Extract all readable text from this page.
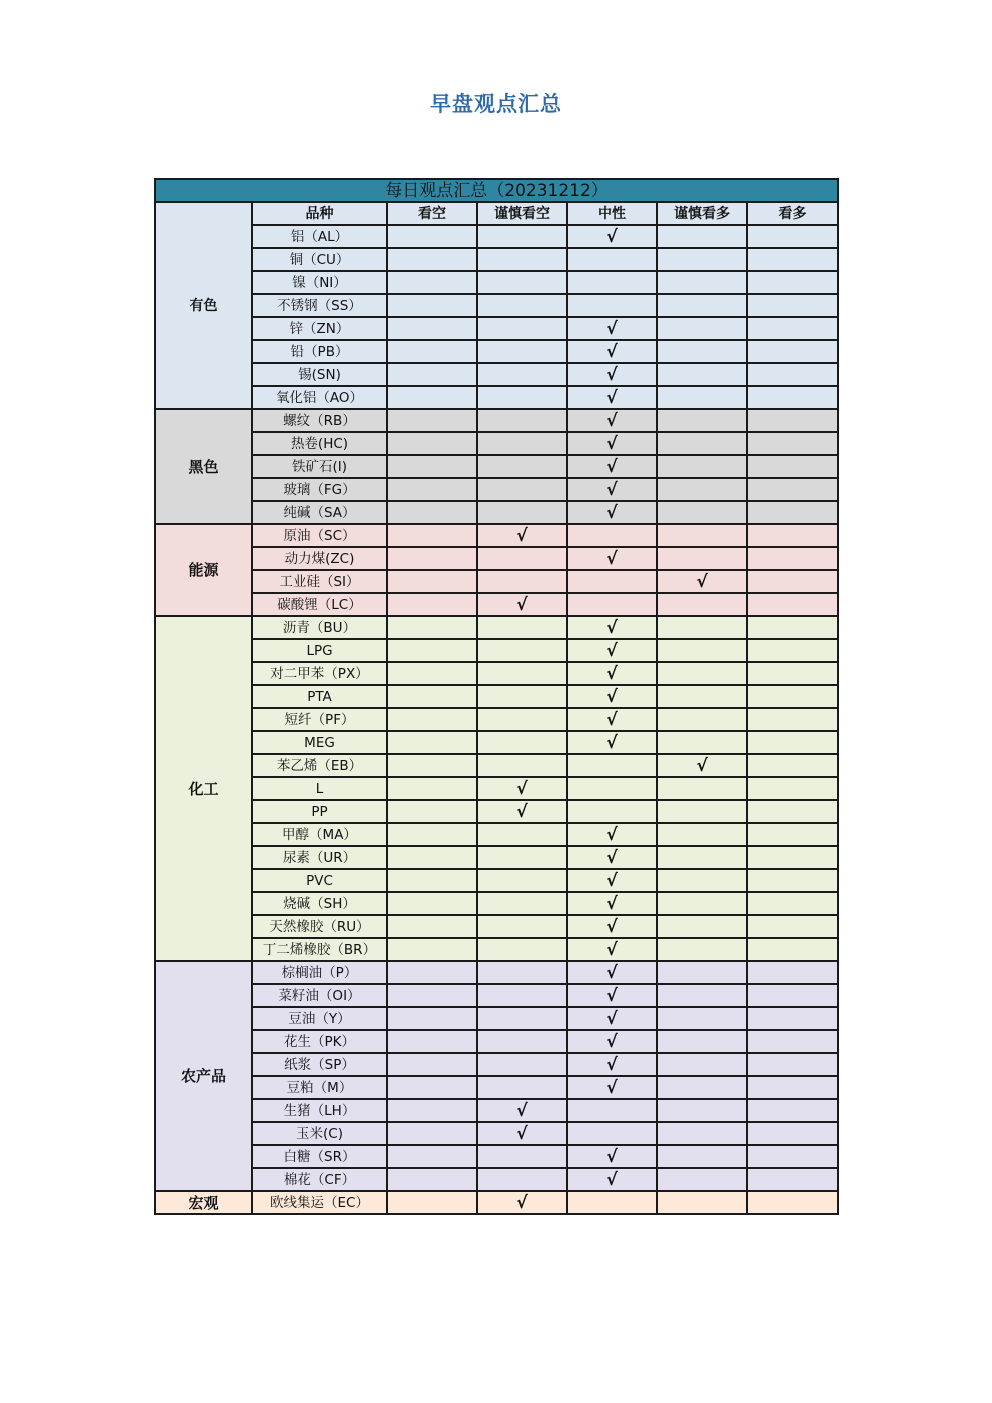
早盘观点汇总
每日观点汇总（20231212）						
有色	品种	看空	谨慎看空	中性	谨慎看多	看多
	铝（AL）			√		
	铜（CU）					
	镍（NI）					
	不锈钢（SS）					
	锌（ZN）			√		
	铅（PB）			√		
	锡(SN)			√		
	氧化铝（AO）			√		
黑色	螺纹（RB）			√		
	热卷(HC)			√		
	铁矿石(I)			√		
	玻璃（FG）			√		
	纯碱（SA）			√		
能源	原油（SC）		√			
	动力煤(ZC)			√		
	工业硅（SI）				√	
	碳酸锂（LC）		√			
化工	沥青（BU）			√		
	LPG			√		
	对二甲苯（PX）			√		
	PTA			√		
	短纤（PF）			√		
	MEG			√		
	苯乙烯（EB）				√	
	L		√			
	PP		√			
	甲醇（MA）			√		
	尿素（UR）			√		
	PVC			√		
	烧碱（SH）			√		
	天然橡胶（RU）			√		
	丁二烯橡胶（BR）			√		
农产品	棕榈油（P）			√		
	菜籽油（OI）			√		
	豆油（Y）			√		
	花生（PK）			√		
	纸浆（SP）			√		
	豆粕（M）			√		
	生猪（LH）		√			
	玉米(C)		√			
	白糖（SR）			√		
	棉花（CF）			√		
宏观	欧线集运（EC）		√			
